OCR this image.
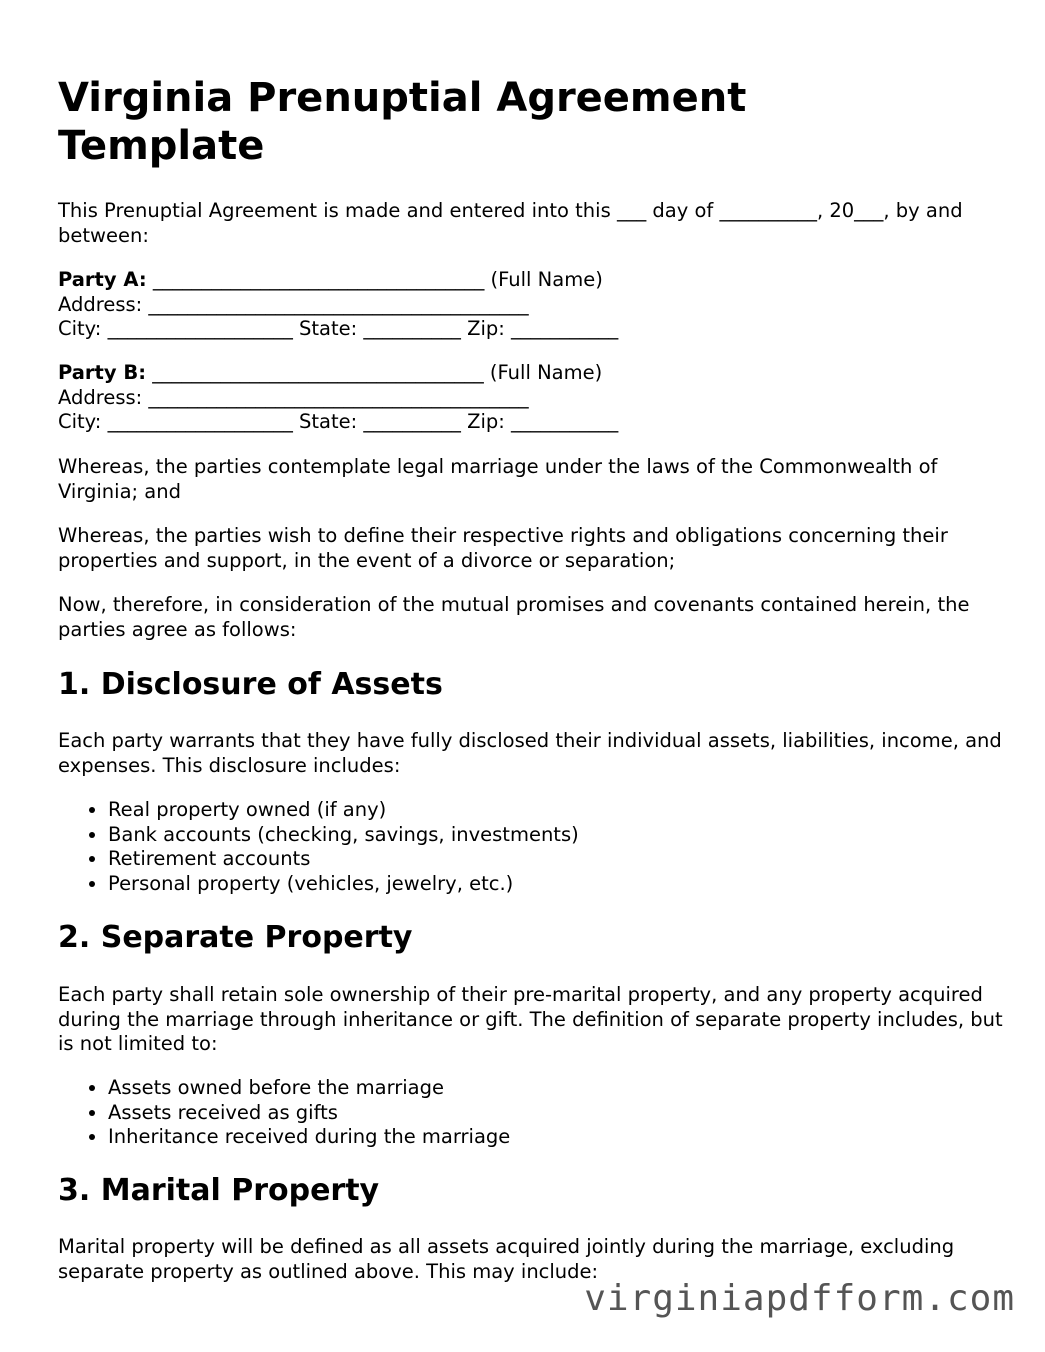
Virginia Prenuptial Agreement Template

This Prenuptial Agreement is made and entered into this ___ day of __________, 20___, by and between:

Party A: __________________________________ (Full Name)
Address: _______________________________________
City: ___________________ State: __________ Zip: ___________
Party B: __________________________________ (Full Name)
Address: _______________________________________
City: ___________________ State: __________ Zip: ___________

Whereas, the parties contemplate legal marriage under the laws of the Commonwealth of Virginia; and

Whereas, the parties wish to define their respective rights and obligations concerning their properties and support, in the event of a divorce or separation;

Now, therefore, in consideration of the mutual promises and covenants contained herein, the parties agree as follows:

1. Disclosure of Assets

Each party warrants that they have fully disclosed their individual assets, liabilities, income, and expenses. This disclosure includes:

• Real property owned (if any)
• Bank accounts (checking, savings, investments)
• Retirement accounts
• Personal property (vehicles, jewelry, etc.)
2. Separate Property

Each party shall retain sole ownership of their pre-marital property, and any property acquired during the marriage through inheritance or gift. The definition of separate property includes, but is not limited to:

• Assets owned before the marriage
• Assets received as gifts
• Inheritance received during the marriage
3. Marital Property

Marital property will be defined as all assets acquired jointly during the marriage, excluding separate property as outlined above. This may include:

virginiapdfform.com
